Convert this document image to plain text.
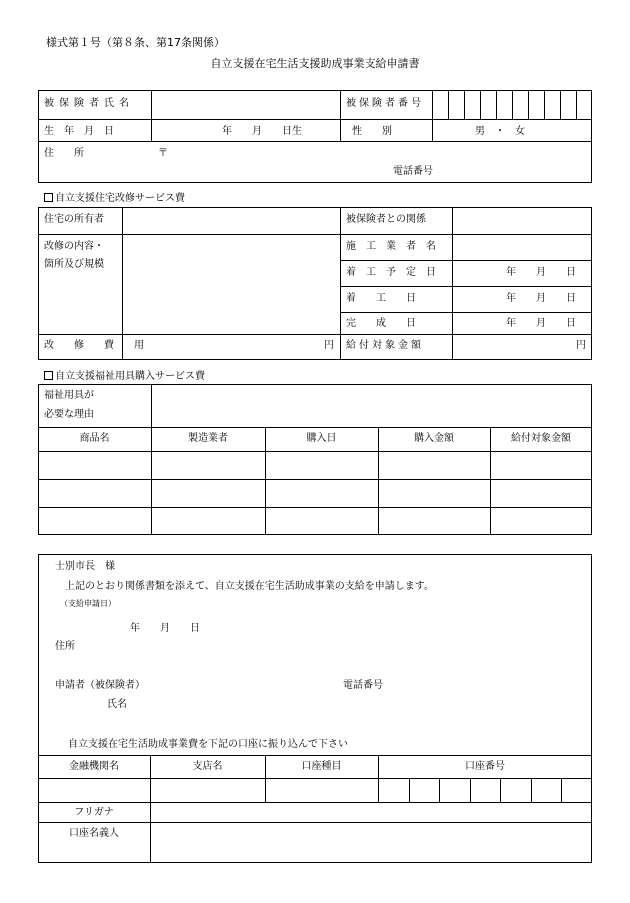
様式第１号（第８条、第17条関係）
自立支援在宅生活支援助成事業支給申請書
被保険者氏名	被保険者番号
生　年　月　日	年　　月　　日生	性　　別	男　・　女
住　　所	〒
電話番号
自立支援住宅改修サービス費
住宅の所有者	被保険者との関係
改修の内容・
箇所及び規模
施　工　業　者　名
着　工　予　定　日	年　　月　　日
着　　工　　日	年　　月　　日
完　　成　　日	年　　月　　日
改　修　費　用	円 給付対象金額	円
自立支援福祉用具購入サービス費
福祉用具が
必要な理由
商品名	製造業者	購入日	購入金額	給付対象金額
士別市長　様
上記のとおり関係書類を添えて、自立支援在宅生活助成事業の支給を申請します。
（支給申請日）
年　　月　　日
住所
申請者（被保険者）	電話番号
氏名
自立支援在宅生活助成事業費を下記の口座に振り込んで下さい
金融機関名	支店名	口座種目	口座番号
フリガナ
口座名義人
